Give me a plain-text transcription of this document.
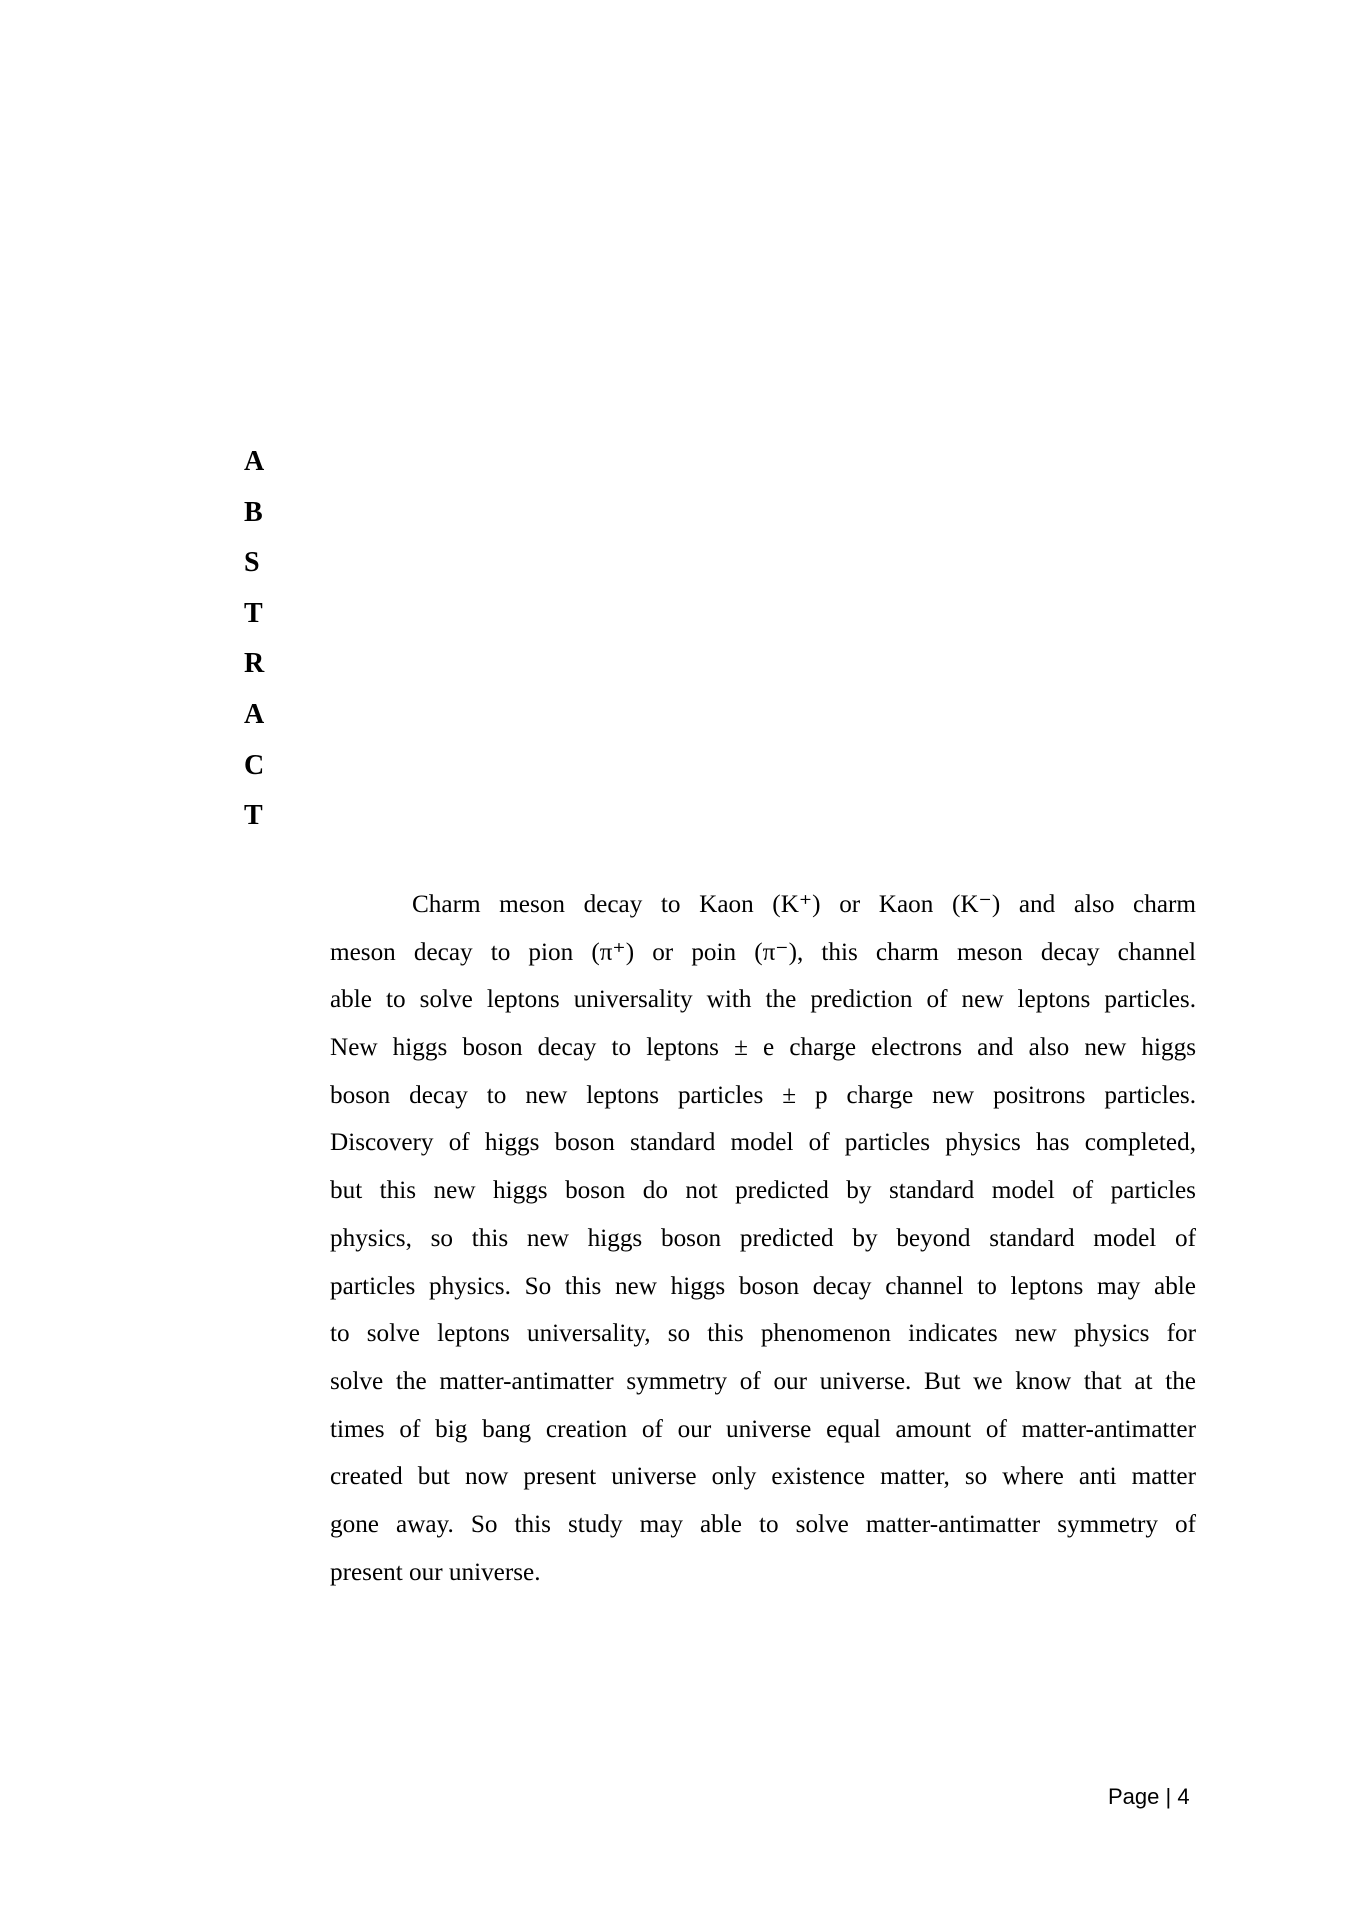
A
B
S
T
R
A
C
T
Charm meson decay to Kaon (K⁺) or Kaon (K⁻) and also charm
meson decay to pion (π⁺) or poin (π⁻), this charm meson decay channel
able to solve leptons universality with the prediction of new leptons particles.
New higgs boson decay to leptons ± e charge electrons and also new higgs
boson decay to new leptons particles ± p charge new positrons particles.
Discovery of higgs boson standard model of particles physics has completed,
but this new higgs boson do not predicted by standard model of particles
physics, so this new higgs boson predicted by beyond standard model of
particles physics. So this new higgs boson decay channel to leptons may able
to solve leptons universality, so this phenomenon indicates new physics for
solve the matter-antimatter symmetry of our universe. But we know that at the
times of big bang creation of our universe equal amount of matter-antimatter
created but now present universe only existence matter, so where anti matter
gone away. So this study may able to solve matter-antimatter symmetry of
present our universe.
Page | 4
